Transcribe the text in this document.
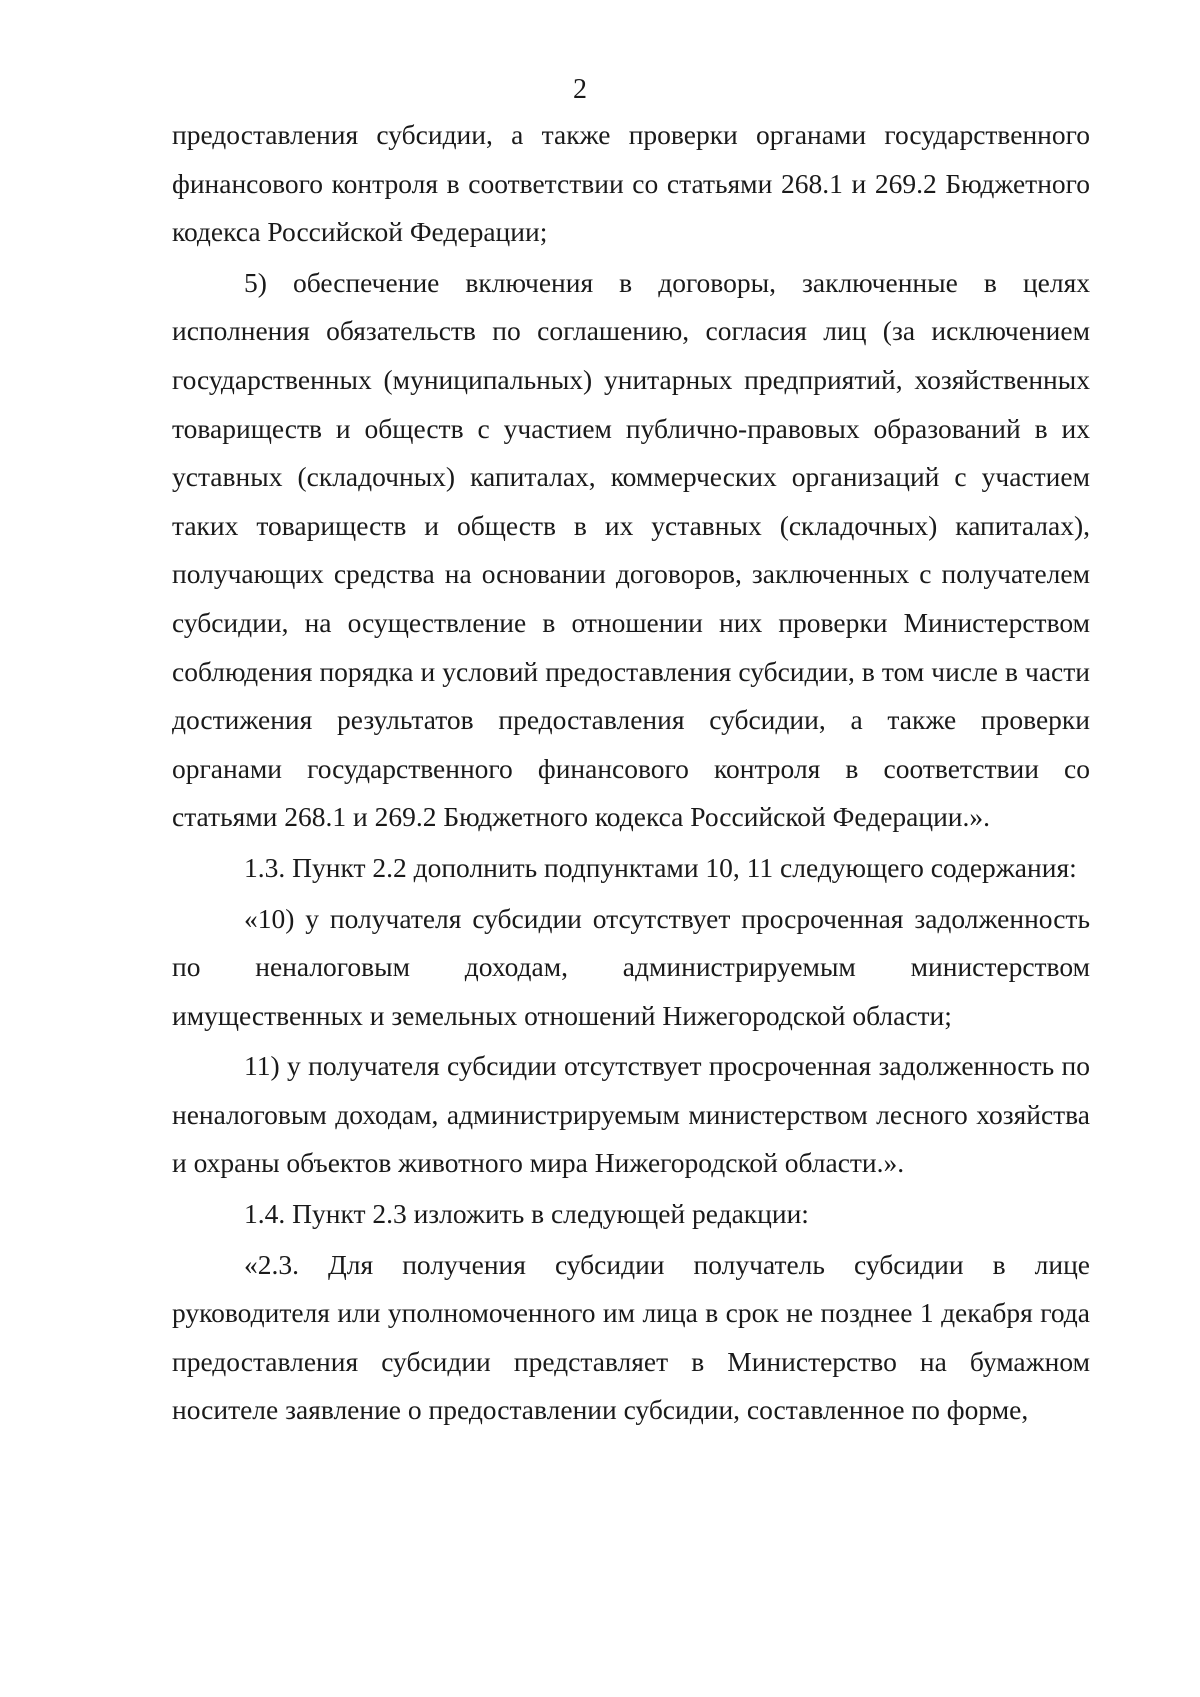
2

предоставления субсидии, а также проверки органами государственного финансового контроля в соответствии со статьями 268.1 и 269.2 Бюджетного кодекса Российской Федерации;

5) обеспечение включения в договоры, заключенные в целях исполнения обязательств по соглашению, согласия лиц (за исключением государственных (муниципальных) унитарных предприятий, хозяйственных товариществ и обществ с участием публично-правовых образований в их уставных (складочных) капиталах, коммерческих организаций с участием таких товариществ и обществ в их уставных (складочных) капиталах), получающих средства на основании договоров, заключенных с получателем субсидии, на осуществление в отношении них проверки Министерством соблюдения порядка и условий предоставления субсидии, в том числе в части достижения результатов предоставления субсидии, а также проверки органами государственного финансового контроля в соответствии со статьями 268.1 и 269.2 Бюджетного кодекса Российской Федерации.».

1.3. Пункт 2.2 дополнить подпунктами 10, 11 следующего содержания:

«10) у получателя субсидии отсутствует просроченная задолженность по неналоговым доходам, администрируемым министерством имущественных и земельных отношений Нижегородской области;

11) у получателя субсидии отсутствует просроченная задолженность по неналоговым доходам, администрируемым министерством лесного хозяйства и охраны объектов животного мира Нижегородской области.».

1.4. Пункт 2.3 изложить в следующей редакции:

«2.3. Для получения субсидии получатель субсидии в лице руководителя или уполномоченного им лица в срок не позднее 1 декабря года предоставления субсидии представляет в Министерство на бумажном носителе заявление о предоставлении субсидии, составленное по форме,
